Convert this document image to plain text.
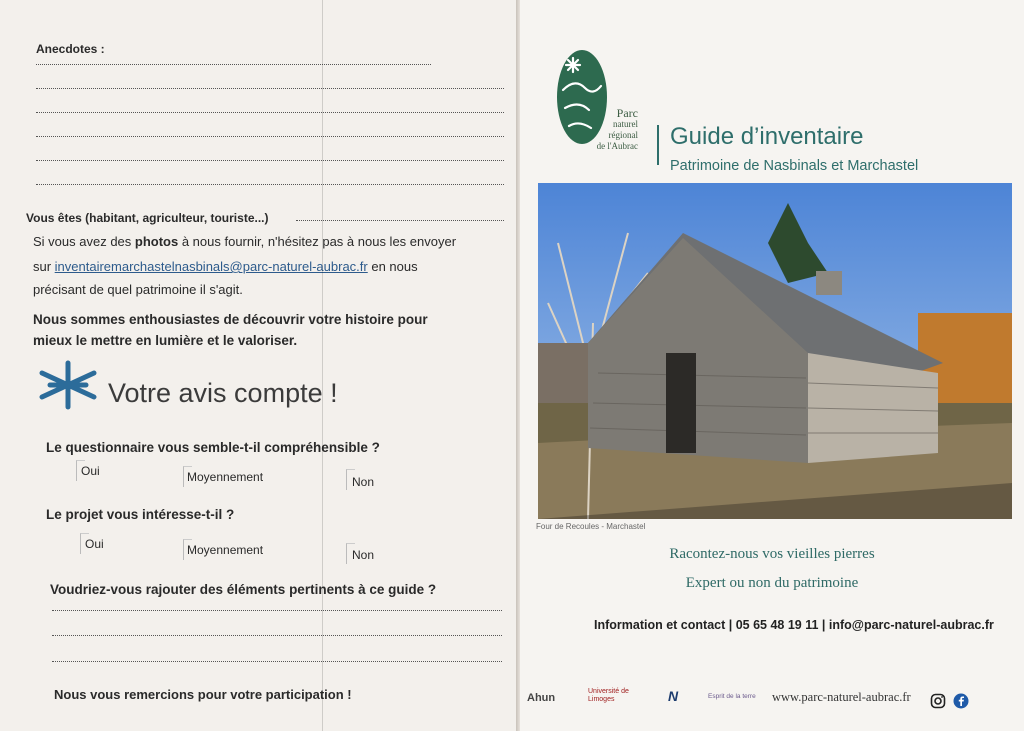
Anecdotes :
Vous êtes (habitant, agriculteur, touriste...)
Si vous avez des photos à nous fournir, n'hésitez pas à nous les envoyer
sur inventairemarchastelnasbinals@parc-naturel-aubrac.fr en nous
précisant de quel patrimoine il s'agit.
Nous sommes enthousiastes de découvrir votre histoire pour
mieux le mettre en lumière et le valoriser.
Votre avis compte !
Le questionnaire vous semble-t-il compréhensible ?
Oui	Moyennement	Non
Le projet vous intéresse-t-il ?
Oui	Moyennement	Non
Voudriez-vous rajouter des éléments pertinents à ce guide ?
Nous vous remercions pour votre participation !
Parc
naturel
régional
de l'Aubrac Guide d’inventaire
Patrimoine de Nasbinals et Marchastel
Four de Recoules - Marchastel
Racontez-nous vos vieilles pierres
Expert ou non du patrimoine
Information et contact | 05 65 48 19 11 | info@parc-naturel-aubrac.fr
Ahun
Université de Limoges	N	Esprit de la terre www.parc-naturel-aubrac.fr
